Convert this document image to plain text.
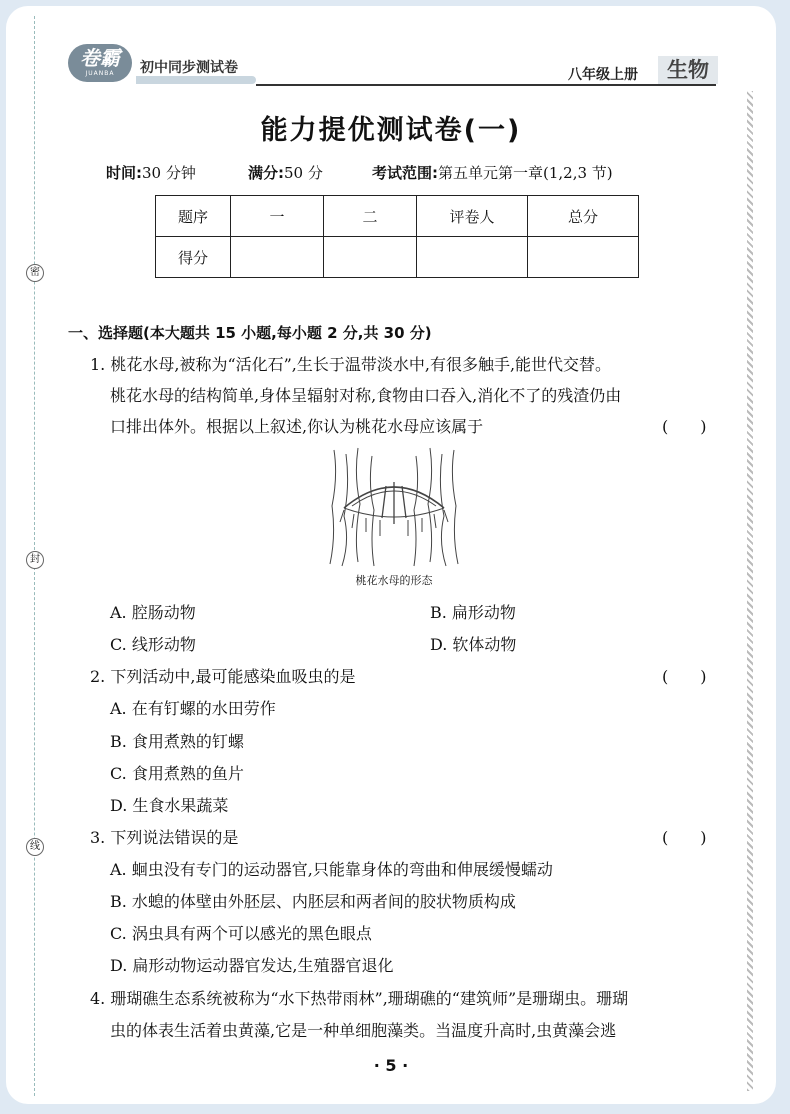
密
封
线
卷霸
JUANBA	初中同步测试卷	八年级上册	生物
能力提优测试卷(一)
时间:30 分钟	满分:50 分	考试范围:第五单元第一章(1,2,3 节)
题序	一	二	评卷人	总分
得分				
一、选择题(本大题共 15 小题,每小题 2 分,共 30 分)
1. 桃花水母,被称为“活化石”,生长于温带淡水中,有很多触手,能世代交替。
桃花水母的结构简单,身体呈辐射对称,食物由口吞入,消化不了的残渣仍由
口排出体外。根据以上叙述,你认为桃花水母应该属于	(　　)
桃花水母的形态
A. 腔肠动物	B. 扁形动物
C. 线形动物	D. 软体动物
2. 下列活动中,最可能感染血吸虫的是	(　　)
A. 在有钉螺的水田劳作
B. 食用煮熟的钉螺
C. 食用煮熟的鱼片
D. 生食水果蔬菜
3. 下列说法错误的是	(　　)
A. 蛔虫没有专门的运动器官,只能靠身体的弯曲和伸展缓慢蠕动
B. 水螅的体壁由外胚层、内胚层和两者间的胶状物质构成
C. 涡虫具有两个可以感光的黑色眼点
D. 扁形动物运动器官发达,生殖器官退化
4. 珊瑚礁生态系统被称为“水下热带雨林”,珊瑚礁的“建筑师”是珊瑚虫。珊瑚
虫的体表生活着虫黄藻,它是一种单细胞藻类。当温度升高时,虫黄藻会逃
· 5 ·
